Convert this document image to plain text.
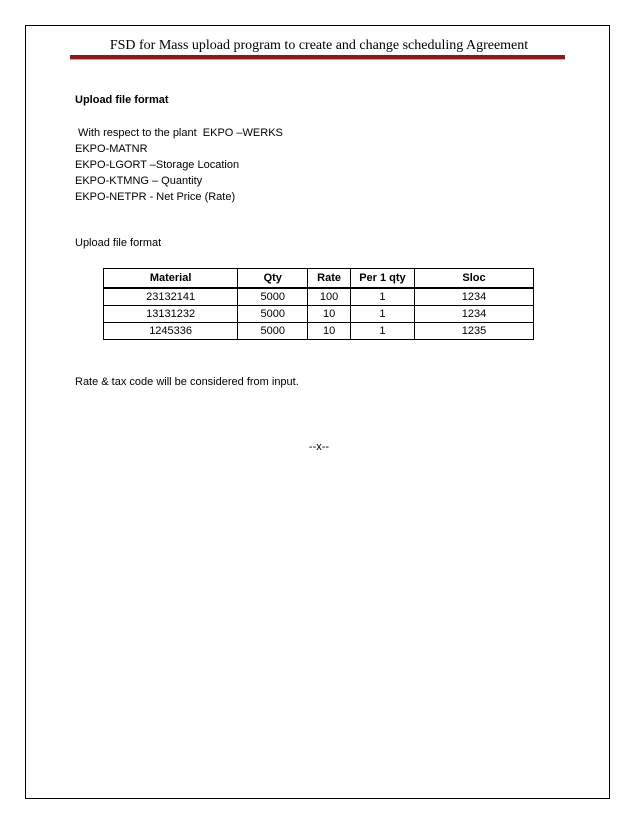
FSD for Mass upload program to create and change scheduling Agreement
Upload file format
With respect to the plant  EKPO –WERKS
EKPO-MATNR
EKPO-LGORT –Storage Location
EKPO-KTMNG – Quantity
EKPO-NETPR - Net Price (Rate)
Upload file format
Material	Qty	Rate	Per 1 qty	Sloc
23132141	5000	100	1	1234
13131232	5000	10	1	1234
1245336	5000	10	1	1235
Rate & tax code will be considered from input.
--x--
